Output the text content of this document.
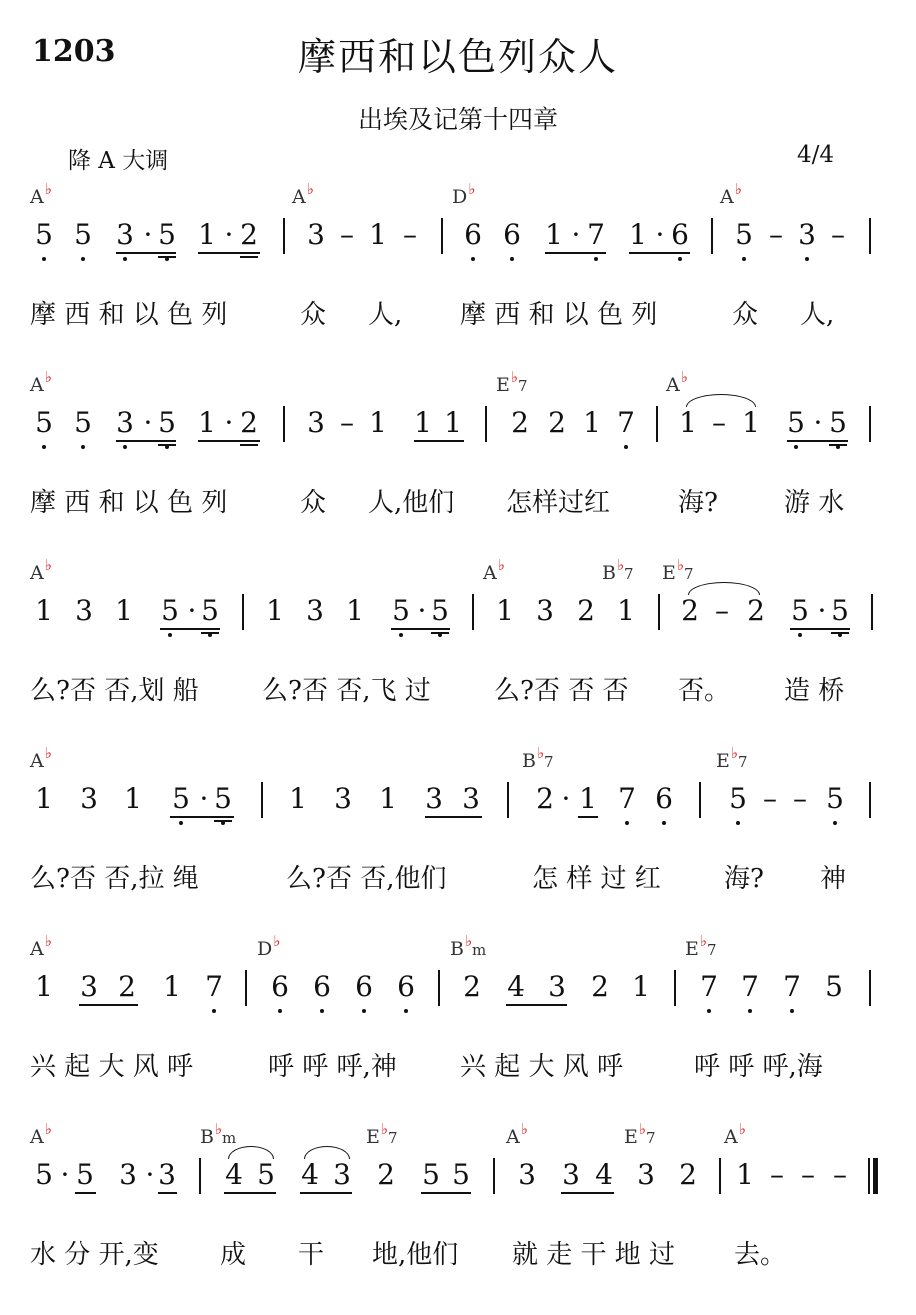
1203	摩西和以色列众人
出埃及记第十四章
降 A 大调	4/4
A♭	A♭	D♭	A♭
5 5 3 · 5 1 · 2 3 – 1 – 6 6 1 · 7 1 · 6 5 – 3 –
摩 西 和 以 色 列	众 人, 摩 西 和 以 色 列	众 人,
A♭	E♭7	A♭
5 5 3 · 5 1 · 2 3 – 1 1 1 2 2 1 7 1 – 1 5 · 5
摩 西 和 以 色 列	众 人,他们 怎样过红	海?	游 水
A♭	A♭	B♭7 E♭7
1 3 1 5 · 5 1 3 1 5 · 5 1 3 2 1 2 – 2 5 · 5
么?否 否,划 船 么?否 否,飞 过 么?否 否 否 否。 造 桥
A♭	B♭7	E♭7
1 3 1 5 · 5 1 3 1 3 3 2 · 1 7 6 5 – – 5
么?否 否,拉 绳	么?否 否,他们	怎 样 过 红 海? 神
A♭	D♭	B♭m	E♭7
1 3 2 1 7 6 6 6 6 2 4 3 2 1 7 7 7 5
兴 起 大 风 呼	呼 呼 呼,神 兴 起 大 风 呼	呼 呼 呼,海
A♭	B♭m	E♭7	A♭	E♭7	A♭
5 · 5 3 · 3 4 5 4 3 2 5 5 3 3 4 3 2 1 – – –
水 分 开,变 成 干 地,他们 就 走 干 地 过 去。
